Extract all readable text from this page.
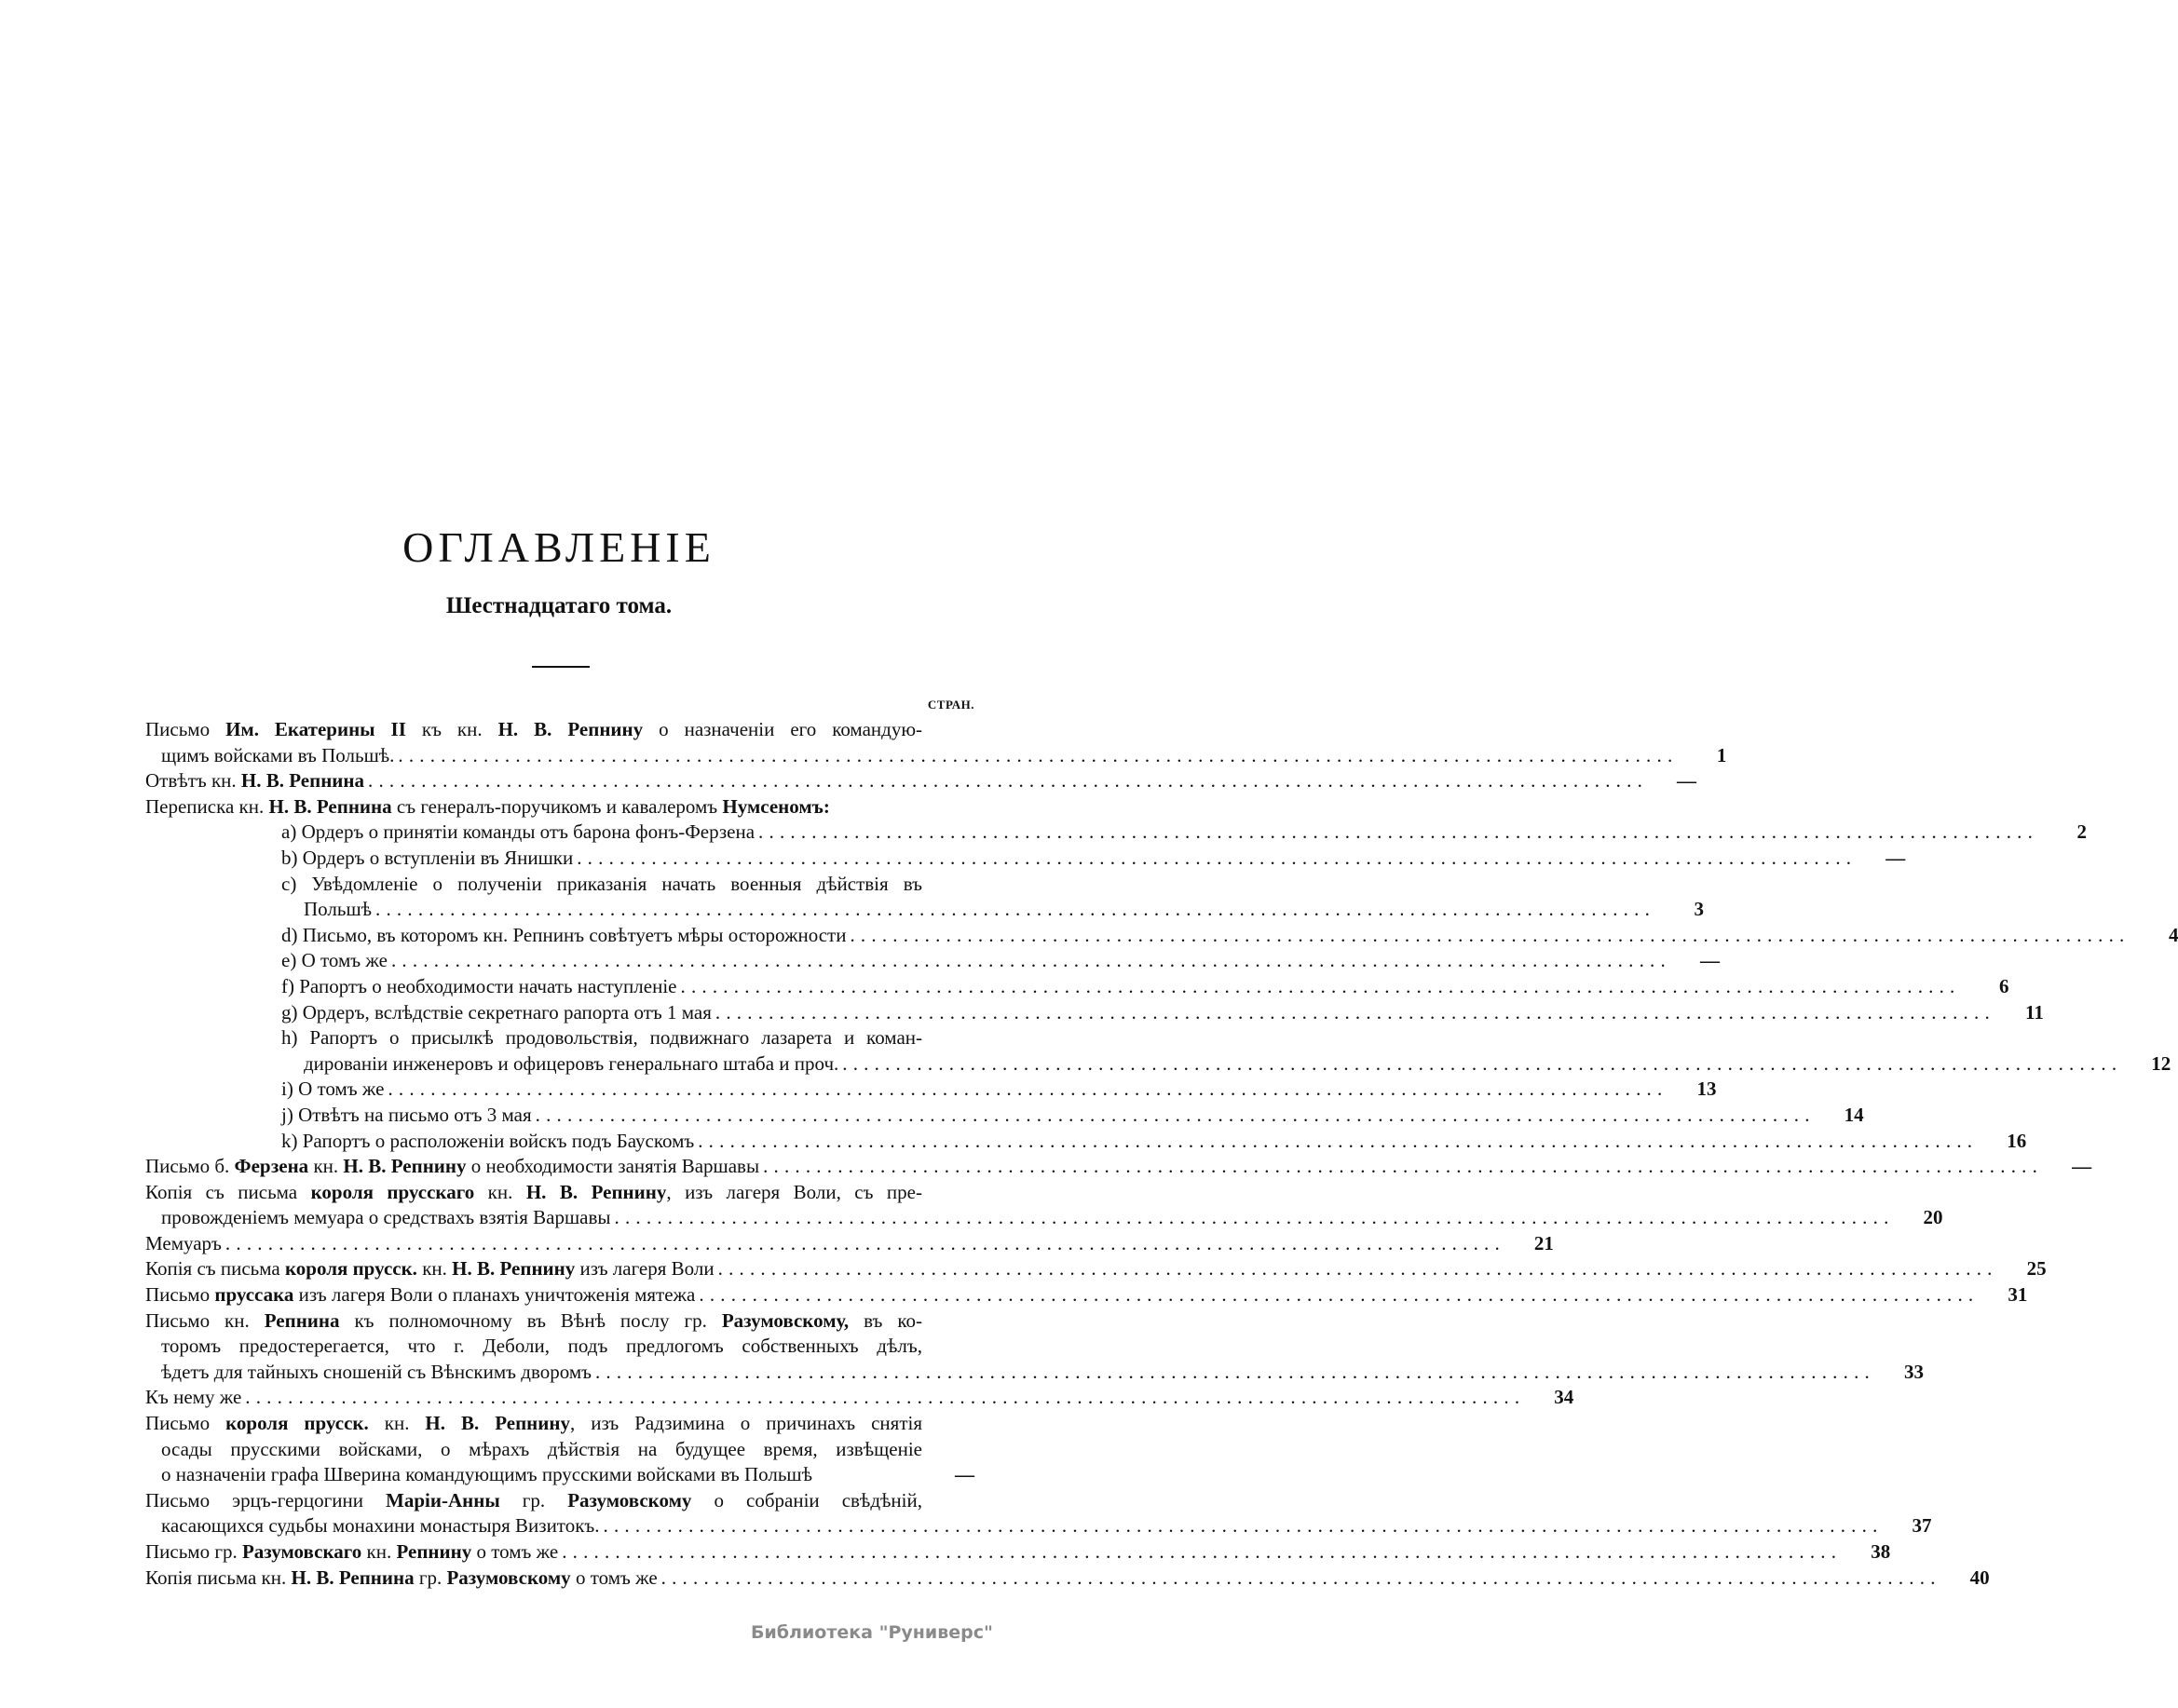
ОГЛАВЛЕНІЕ
Шестнадцатаго тома.
СТРАН.
Письмо Им. Екатерины II къ кн. Н. В. Репнину о назначеніи его командую-
щимъ войсками въ Польшѣ. ........................................................................................................................	1
Отвѣтъ кн. Н. В. Репнина ........................................................................................................................	—
Переписка кн. Н. В. Репнина съ генералъ-поручикомъ и кавалеромъ Нумсеномъ:
a) Ордеръ о принятіи команды отъ барона фонъ-Ферзена ........................................................................................................................	2
b) Ордеръ о вступленіи въ Янишки ........................................................................................................................	—
c) Увѣдомленіе о полученіи приказанія начать военныя дѣйствія въ
Польшѣ ........................................................................................................................	3
d) Письмо, въ которомъ кн. Репнинъ совѣтуетъ мѣры осторожности ........................................................................................................................	4
e) О томъ же ........................................................................................................................	—
f) Рапортъ о необходимости начать наступленіе ........................................................................................................................	6
g) Ордеръ, вслѣдствіе секретнаго рапорта отъ 1 мая ........................................................................................................................	11
h) Рапортъ о присылкѣ продовольствія, подвижнаго лазарета и коман-
дированіи инженеровъ и офицеровъ генеральнаго штаба и проч. ........................................................................................................................	12
i) О томъ же ........................................................................................................................	13
j) Отвѣтъ на письмо отъ 3 мая ........................................................................................................................	14
k) Рапортъ о расположеніи войскъ подъ Баускомъ ........................................................................................................................	16
Письмо б. Ферзена кн. Н. В. Репнину о необходимости занятія Варшавы ........................................................................................................................	—
Копія съ письма короля прусскаго кн. Н. В. Репнину, изъ лагеря Воли, съ пре-
провожденіемъ мемуара о средствахъ взятія Варшавы ........................................................................................................................	20
Мемуаръ ........................................................................................................................	21
Копія съ письма короля прусск. кн. Н. В. Репнину изъ лагеря Воли ........................................................................................................................	25
Письмо пруссака изъ лагеря Воли о планахъ уничтоженія мятежа ........................................................................................................................	31
Письмо кн. Репнина къ полномочному въ Вѣнѣ послу гр. Разумовскому, въ ко-
торомъ предостерегается, что г. Деболи, подъ предлогомъ собственныхъ дѣлъ,
ѣдетъ для тайныхъ сношеній съ Вѣнскимъ дворомъ ........................................................................................................................	33
Къ нему же ........................................................................................................................	34
Письмо короля прусск. кн. Н. В. Репнину, изъ Радзимина о причинахъ снятія
осады прусскими войсками, о мѣрахъ дѣйствія на будущее время, извѣщеніе
о назначеніи графа Шверина командующимъ прусскими войсками въ Польшѣ	—
Письмо эрцъ-герцогини Маріи-Анны гр. Разумовскому о собраніи свѣдѣній,
касающихся судьбы монахини монастыря Визитокъ. ........................................................................................................................	37
Письмо гр. Разумовскаго кн. Репнину о томъ же ........................................................................................................................	38
Копія письма кн. Н. В. Репнина гр. Разумовскому о томъ же ........................................................................................................................	40
Библиотека "Руниверс"
